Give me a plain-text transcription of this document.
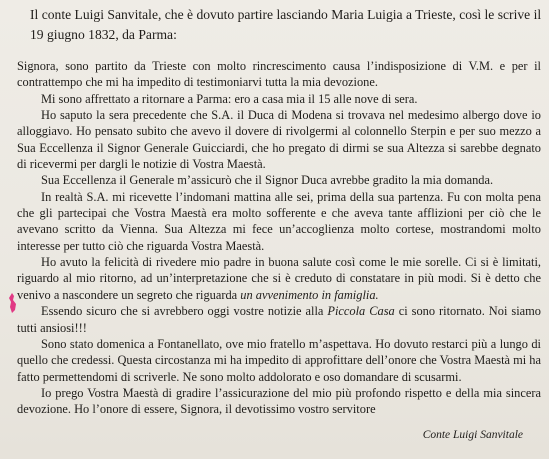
Il conte Luigi Sanvitale, che è dovuto partire lasciando Maria Luigia a Trieste, così le scrive il 19 giugno 1832, da Parma:

Signora, sono partito da Trieste con molto rincrescimento causa l’indisposizione di V.M. e per il contrattempo che mi ha impedito di testimoniarvi tutta la mia devozione.

Mi sono affrettato a ritornare a Parma: ero a casa mia il 15 alle nove di sera.

Ho saputo la sera precedente che S.A. il Duca di Modena si trovava nel medesimo albergo dove io alloggiavo. Ho pensato subito che avevo il dovere di rivolgermi al colonnello Sterpin e per suo mezzo a Sua Eccellenza il Signor Generale Guicciardi, che ho pregato di dirmi se sua Altezza si sarebbe degnato di ricevermi per dargli le notizie di Vostra Maestà.

Sua Eccellenza il Generale m’assicurò che il Signor Duca avrebbe gradito la mia domanda.

In realtà S.A. mi ricevette l’indomani mattina alle sei, prima della sua partenza. Fu con molta pena che gli partecipai che Vostra Maestà era molto sofferente e che aveva tante afflizioni per ciò che le avevano scritto da Vienna. Sua Altezza mi fece un’accoglienza molto cortese, mostrandomi molto interesse per tutto ciò che riguarda Vostra Maestà.

Ho avuto la felicità di rivedere mio padre in buona salute così come le mie sorelle. Ci si è limitati, riguardo al mio ritorno, ad un’interpretazione che si è creduto di constatare in più modi. Si è detto che venivo a nascondere un segreto che riguarda un avvenimento in famiglia.

Essendo sicuro che si avrebbero oggi vostre notizie alla Piccola Casa ci sono ritornato. Noi siamo tutti ansiosi!!!

Sono stato domenica a Fontanellato, ove mio fratello m’aspettava. Ho dovuto restarci più a lungo di quello che credessi. Questa circostanza mi ha impedito di approfittare dell’onore che Vostra Maestà mi ha fatto permettendomi di scriverle. Ne sono molto addolorato e oso domandare di scusarmi.

Io prego Vostra Maestà di gradire l’assicurazione del mio più profondo rispetto e della mia sincera devozione. Ho l’onore di essere, Signora, il devotissimo vostro servitore

Conte Luigi Sanvitale
